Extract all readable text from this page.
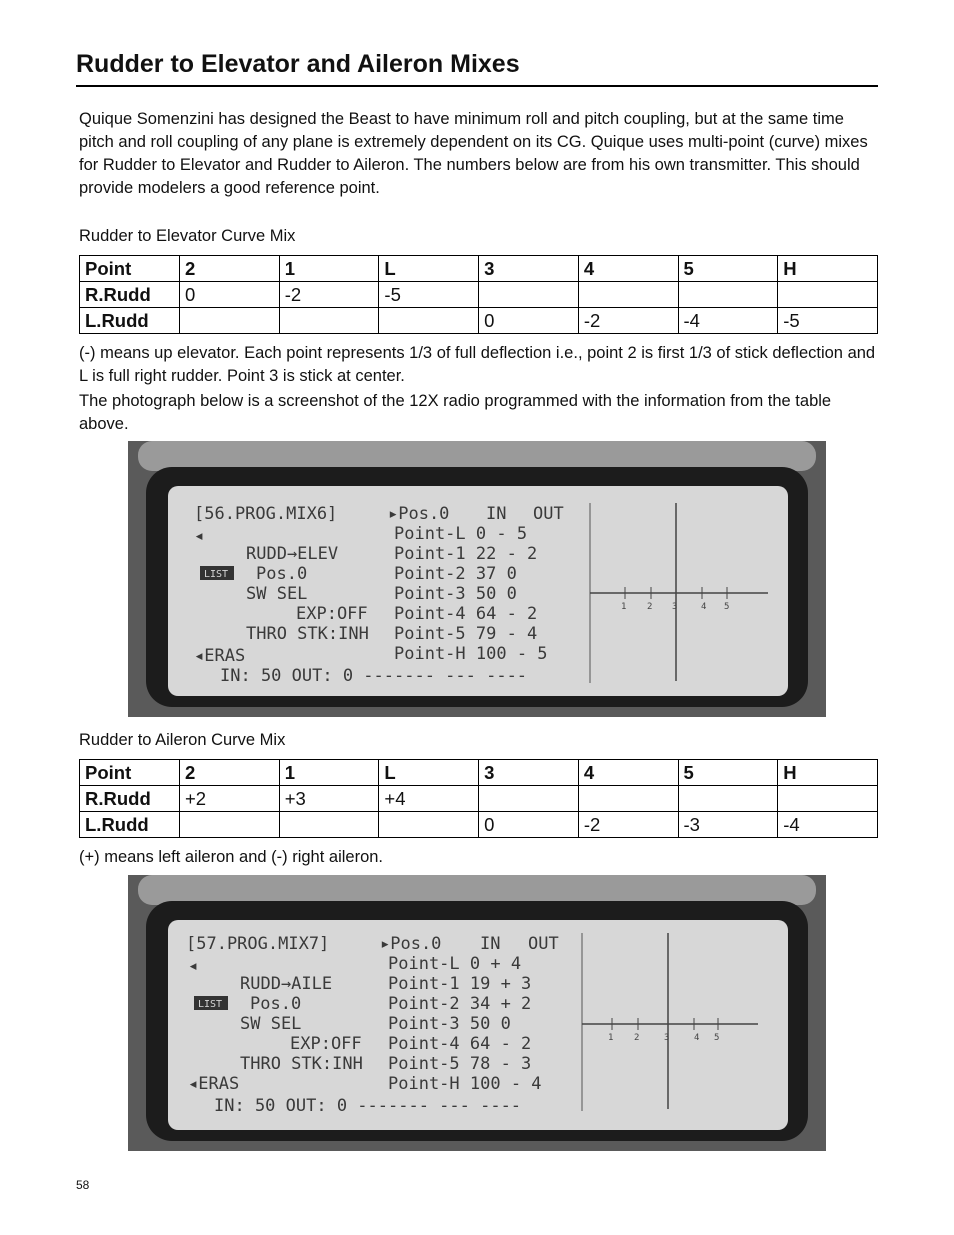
Rudder to Elevator and Aileron Mixes

Quique Somenzini has designed the Beast to have minimum roll and pitch coupling, but at the same time pitch and roll coupling of any plane is extremely dependent on its CG. Quique uses multi-point (curve) mixes for Rudder to Elevator and Rudder to Aileron. The numbers below are from his own transmitter. This should provide modelers a good reference point.

Rudder to Elevator Curve Mix

Point	2	1	L	3	4	5	H
R.Rudd	0	-2	-5				
L.Rudd				0	-2	-4	-5

(-) means up elevator. Each point represents 1/3 of full deflection i.e., point 2 is first 1/3 of stick deflection and L is full right rudder. Point 3 is stick at center.

The photograph below is a screenshot of the 12X radio programmed with the information from the table above.

[56.PROG.MIX6]	▸Pos.0 IN OUT
◂
RUDD→ELEV
LIST Pos.0
SW SEL
EXP:OFF
THRO STK:INH
◂ERAS
Point-L 0 - 5
Point-1 22 - 2
Point-2 37 0
Point-3 50 0
Point-4 64 - 2
Point-5 79 - 4
Point-H 100 - 5
IN: 50 OUT: 0 ------- --- ----
1 2 3	4 5

Rudder to Aileron Curve Mix

Point	2	1	L	3	4	5	H
R.Rudd	+2	+3	+4				
L.Rudd				0	-2	-3	-4

(+) means left aileron and (-) right aileron.

[57.PROG.MIX7]	▸Pos.0 IN OUT
◂
RUDD→AILE
LIST Pos.0
SW SEL
EXP:OFF
THRO STK:INH
◂ERAS
Point-L 0 + 4
Point-1 19 + 3
Point-2 34 + 2
Point-3 50 0
Point-4 64 - 2
Point-5 78 - 3
Point-H 100 - 4
IN: 50 OUT: 0 ------- --- ----
1 2	3	4 5
58
